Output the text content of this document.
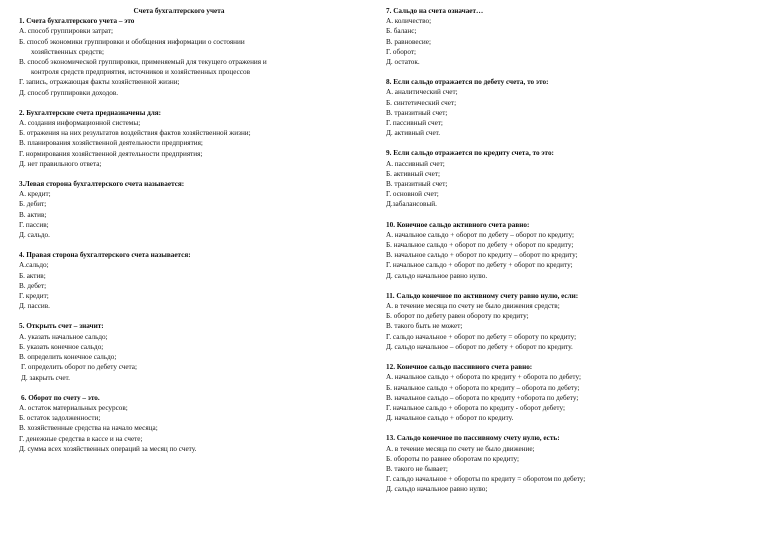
Счета бухгалтерского учета
1. Счета бухгалтерского учета – это
А. способ группировки затрат;
Б. способ экономики группировки и обобщения информации о состоянии
хозяйственных средств;
В. способ экономической группировки, применяемый для текущего отражения и
контроля средств предприятия, источников и хозяйственных процессов
Г. запись, отражающая факты хозяйственной жизни;
Д. способ группировки доходов.
2. Бухгалтерские счета предназначены для:
А. создания информационной системы;
Б. отражения на них результатов воздействия фактов хозяйственной жизни;
В. планирования хозяйственной деятельности предприятия;
Г. нормирования хозяйственной деятельности предприятия;
Д. нет правильного ответа;
3.Левая сторона бухгалтерского счета называется:
А. кредит;
Б. дебит;
В. актив;
Г. пассив;
Д. сальдо.
4. Правая сторона бухгалтерского счета называется:
А.сальдо;
Б. актив;
В. дебет;
Г. кредит;
Д. пассив.
5. Открыть счет – значит:
А. указать начальное сальдо;
Б. указать конечное сальдо;
В. определить конечное сальдо;
Г. определить оборот по дебету счета;
Д. закрыть счет.
6. Оборот по счету – это.
А. остаток материальных ресурсов;
Б. остаток задолженности;
В. хозяйственные средства на начало месяца;
Г. денежные средства в кассе и на счете;
Д. сумма всех хозяйственных операций за месяц по счету.
7. Сальдо на счета означает…
А. количество;
Б. баланс;
В. равновесие;
Г. оборот;
Д. остаток.
8. Если сальдо отражается по дебету счета, то это:
А. аналитический счет;
Б. синтетический счет;
В. транзитный счет;
Г. пассивный счет;
Д. активный счет.
9. Если сальдо отражается по кредиту счета, то это:
А. пассивный счет;
Б. активный счет;
В. транзитный счет;
Г. основной счет;
Д.забалансовый.
10. Конечное сальдо активного счета равно:
А. начальное сальдо + оборот по дебету – оборот по кредиту;
Б. начальное сальдо + оборот по дебету + оборот по кредиту;
В. начальное сальдо + оборот по кредиту – оборот по кредиту;
Г. начальное сальдо + оборот по дебету + оборот по кредиту;
Д. сальдо начальное равно нулю.
11. Сальдо конечное по активному счету равно нулю, если:
А. в течение месяца по счету не было движения средств;
Б. оборот по дебету равен обороту по кредиту;
В. такого быть не может;
Г. сальдо начальное + оборот по дебету = обороту по кредиту;
Д. сальдо начальное – оборот по дебету + оборот по кредиту.
12. Конечное сальдо пассивного счета равно:
А. начальное сальдо + оборота по кредиту + оборота по дебету;
Б. начальное сальдо + оборота по кредиту – оборота по дебету;
В. начальное сальдо – оборота по кредиту +оборота по дебету;
Г. начальное сальдо + оборота по кредиту - оборот дебету;
Д. начальное сальдо + оборот по кредиту.
13. Сальдо конечное по пассивному счету нулю, есть:
А. в течение месяца по счету не было движение;
Б. обороты по равнее оборотам по кредиту;
В. такого не бывает;
Г. сальдо начальное + обороты по кредиту = оборотом по дебету;
Д. сальдо начальное равно нулю;
